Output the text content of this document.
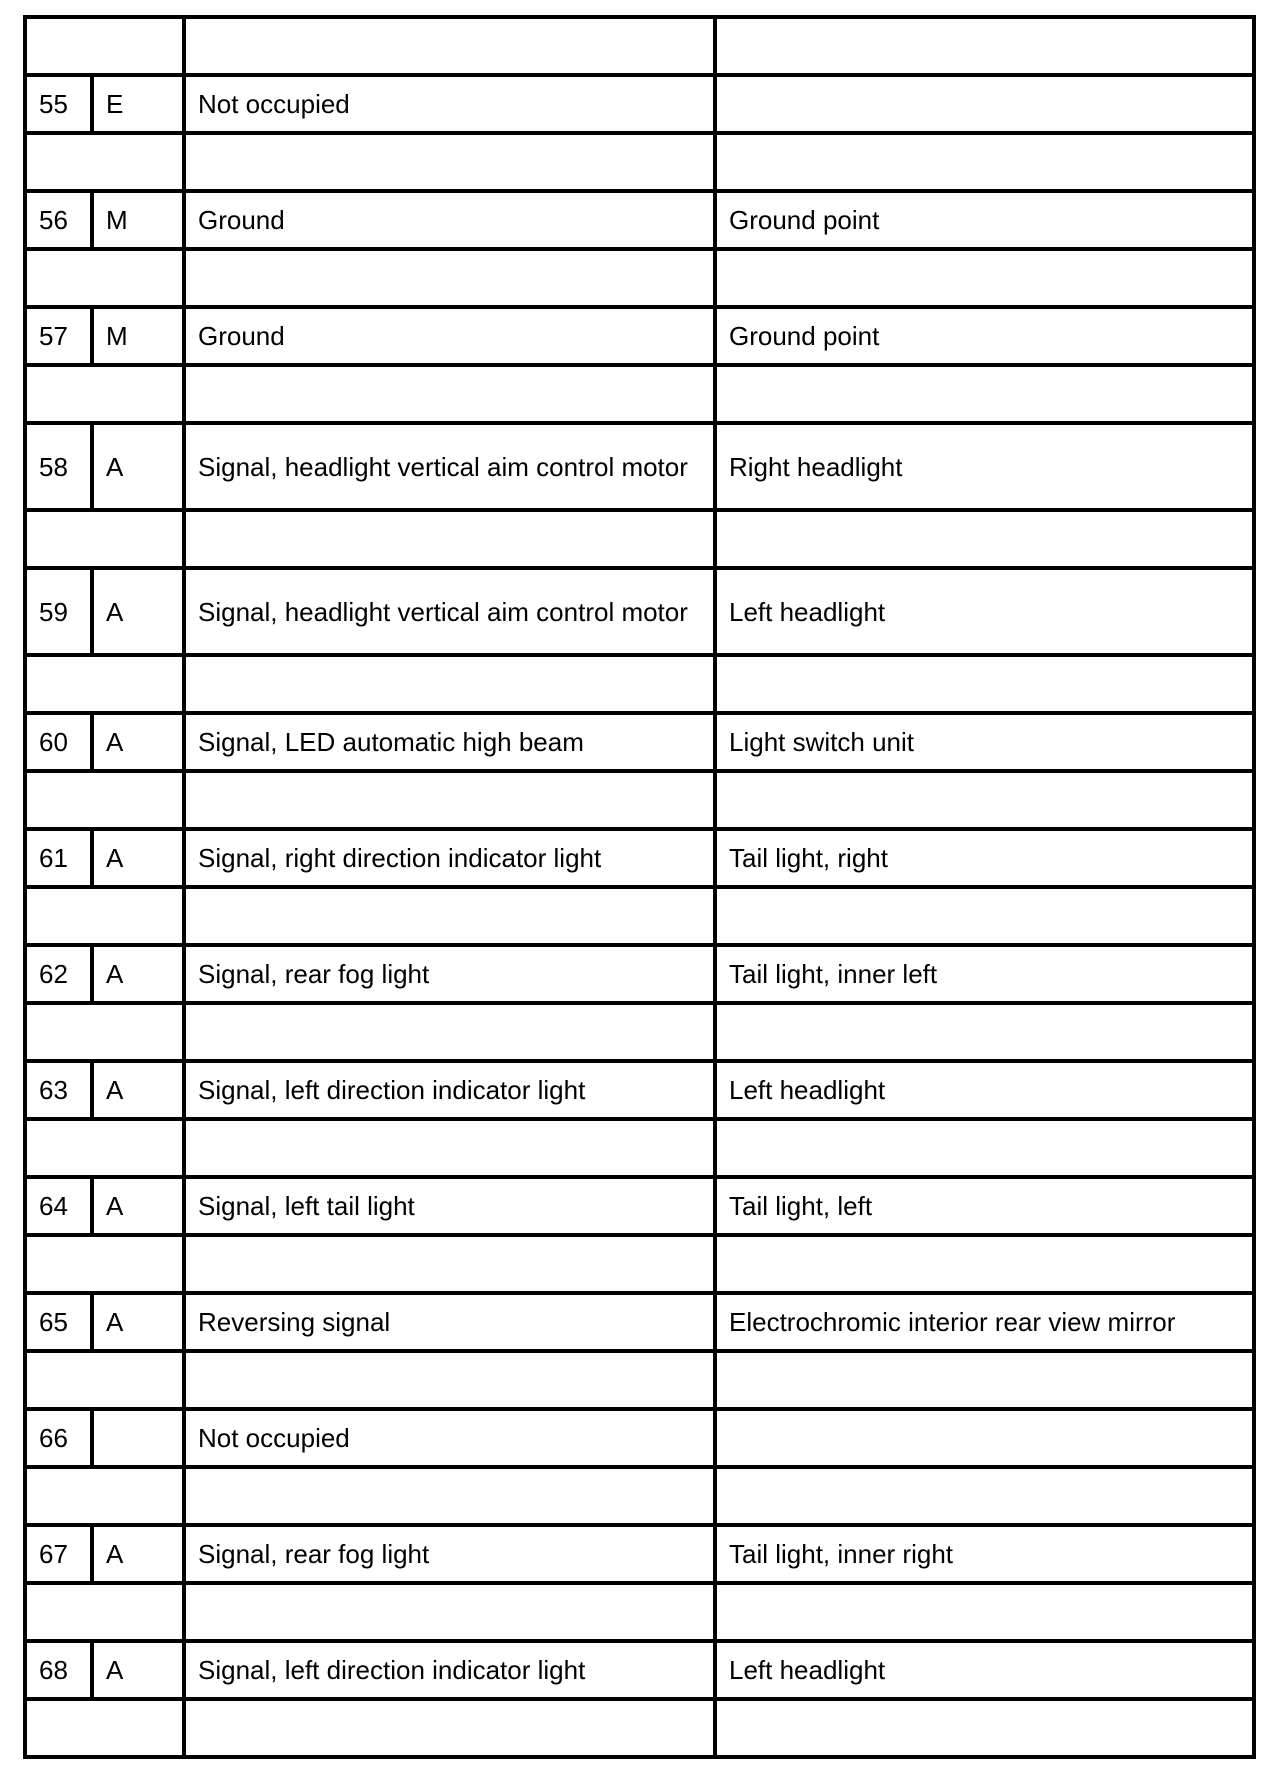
55	E	Not occupied	

56	M	Ground	Ground point

57	M	Ground	Ground point

58	A	Signal, headlight vertical aim control motor	Right headlight

59	A	Signal, headlight vertical aim control motor	Left headlight

60	A	Signal, LED automatic high beam	Light switch unit

61	A	Signal, right direction indicator light	Tail light, right

62	A	Signal, rear fog light	Tail light, inner left

63	A	Signal, left direction indicator light	Left headlight

64	A	Signal, left tail light	Tail light, left

65	A	Reversing signal	Electrochromic interior rear view mirror

66		Not occupied	

67	A	Signal, rear fog light	Tail light, inner right

68	A	Signal, left direction indicator light	Left headlight
